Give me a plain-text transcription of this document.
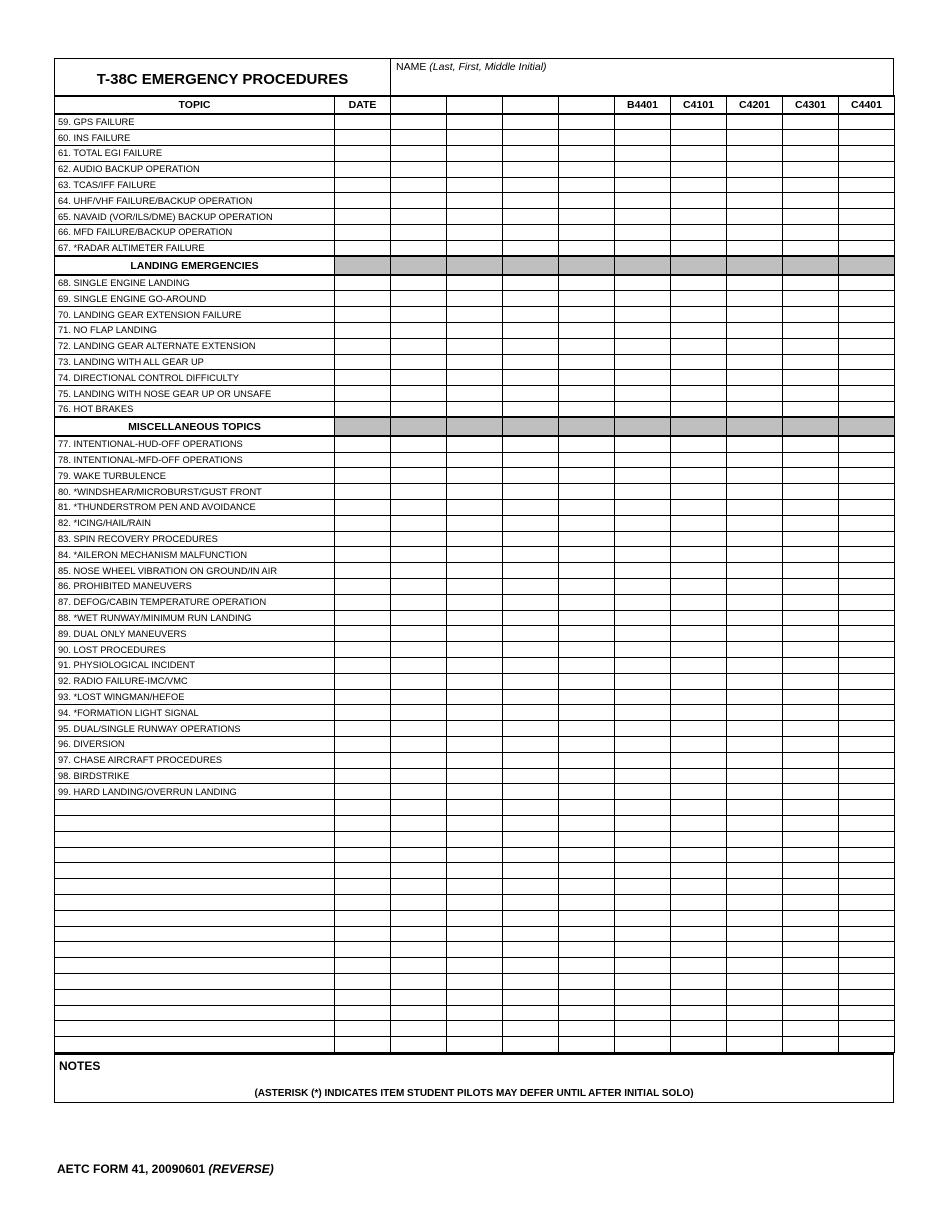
T-38C EMERGENCY PROCEDURES
NAME (Last, First, Middle Initial)
TOPIC	DATE					B4401	C4101	C4201	C4301	C4401
59. GPS FAILURE										
60. INS FAILURE										
61. TOTAL EGI FAILURE										
62. AUDIO BACKUP OPERATION										
63. TCAS/IFF FAILURE										
64. UHF/VHF FAILURE/BACKUP OPERATION										
65. NAVAID (VOR/ILS/DME) BACKUP OPERATION										
66. MFD FAILURE/BACKUP OPERATION										
67. *RADAR ALTIMETER FAILURE										
LANDING EMERGENCIES										
68. SINGLE ENGINE LANDING										
69. SINGLE ENGINE GO-AROUND										
70. LANDING GEAR EXTENSION FAILURE										
71. NO FLAP LANDING										
72. LANDING GEAR ALTERNATE EXTENSION										
73. LANDING WITH ALL GEAR UP										
74. DIRECTIONAL CONTROL DIFFICULTY										
75. LANDING WITH NOSE GEAR UP OR UNSAFE										
76. HOT BRAKES										
MISCELLANEOUS TOPICS										
77. INTENTIONAL-HUD-OFF OPERATIONS										
78. INTENTIONAL-MFD-OFF OPERATIONS										
79. WAKE TURBULENCE										
80. *WINDSHEAR/MICROBURST/GUST FRONT										
81. *THUNDERSTROM PEN AND AVOIDANCE										
82. *ICING/HAIL/RAIN										
83. SPIN RECOVERY PROCEDURES										
84. *AILERON MECHANISM MALFUNCTION										
85. NOSE WHEEL VIBRATION ON GROUND/IN AIR										
86. PROHIBITED MANEUVERS										
87. DEFOG/CABIN TEMPERATURE OPERATION										
88. *WET RUNWAY/MINIMUM RUN LANDING										
89. DUAL ONLY MANEUVERS										
90. LOST PROCEDURES										
91. PHYSIOLOGICAL INCIDENT										
92. RADIO FAILURE-IMC/VMC										
93. *LOST WINGMAN/HEFOE										
94. *FORMATION LIGHT SIGNAL										
95. DUAL/SINGLE RUNWAY OPERATIONS										
96. DIVERSION										
97. CHASE AIRCRAFT PROCEDURES										
98. BIRDSTRIKE										
99. HARD LANDING/OVERRUN LANDING										

NOTES
(ASTERISK (*) INDICATES ITEM STUDENT PILOTS MAY DEFER UNTIL AFTER INITIAL SOLO)
AETC FORM 41, 20090601 (REVERSE)
